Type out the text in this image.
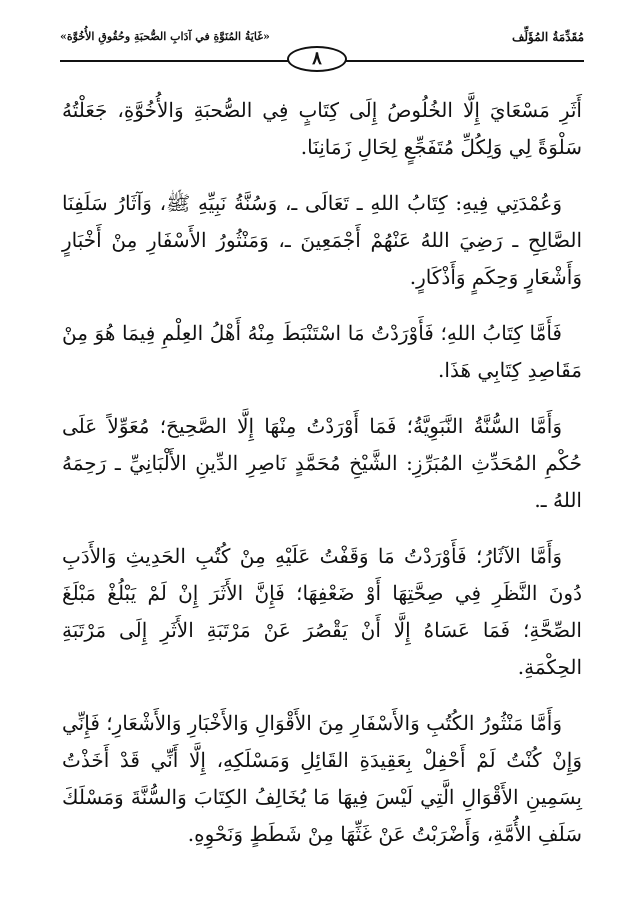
مُقَدِّمَةُ المُؤَلِّف
«غَايَةُ المُنَوَّةِ في آدَابِ الصُّحبَةِ وحُقُوقِ الأُخُوَّة»
٨

أَثَرِ مَسْعَايَ إِلَّا الخُلُوصُ إِلَى كِتَابٍ فِي الصُّحبَةِ وَالأُخُوَّةِ، جَعَلْتُهُ سَلْوَةً لِي وَلِكُلِّ مُتَفَجِّعٍ لِحَالِ زَمَانِنَا.

وَعُمْدَتِي فِيهِ: كِتَابُ اللهِ ـ تَعَالَى ـ، وَسُنَّةُ نَبِيِّهِ ﷺ، وَآثَارُ سَلَفِنَا الصَّالِحِ ـ رَضِيَ اللهُ عَنْهُمْ أَجْمَعِينَ ـ، وَمَنْثُورُ الأَسْفَارِ مِنْ أَخْبَارٍ وَأَشْعَارٍ وَحِكَمٍ وَأَذْكَارٍ.

فَأَمَّا كِتَابُ اللهِ؛ فَأَوْرَدْتُ مَا اسْتَنْبَطَ مِنْهُ أَهْلُ العِلْمِ فِيمَا هُوَ مِنْ مَقَاصِدِ كِتَابِي هَذَا.

وَأَمَّا السُّنَّةُ النَّبَوِيَّةُ؛ فَمَا أَوْرَدْتُ مِنْهَا إِلَّا الصَّحِيحَ؛ مُعَوِّلاً عَلَى حُكْمِ المُحَدِّثِ المُبَرِّزِ: الشَّيْخِ مُحَمَّدٍ نَاصِرِ الدِّينِ الأَلْبَانِيِّ ـ رَحِمَهُ اللهُ ـ.

وَأَمَّا الآثَارُ؛ فَأَوْرَدْتُ مَا وَقَفْتُ عَلَيْهِ مِنْ كُتُبِ الحَدِيثِ وَالأَدَبِ دُونَ النَّظَرِ فِي صِحَّتِهَا أَوْ ضَعْفِهَا؛ فَإِنَّ الأَثَرَ إِنْ لَمْ يَبْلُغْ مَبْلَغَ الصِّحَّةِ؛ فَمَا عَسَاهُ إِلَّا أَنْ يَقْصُرَ عَنْ مَرْتَبَةِ الأَثَرِ إِلَى مَرْتَبَةِ الحِكْمَةِ.

وَأَمَّا مَنْثُورُ الكُتُبِ وَالأَسْفَارِ مِنَ الأَقْوَالِ وَالأَخْبَارِ وَالأَشْعَارِ؛ فَإِنِّي وَإِنْ كُنْتُ لَمْ أَحْفِلْ بِعَقِيدَةِ القَائِلِ وَمَسْلَكِهِ، إِلَّا أَنِّي قَدْ أَخَذْتُ بِسَمِينِ الأَقْوَالِ الَّتِي لَيْسَ فِيهَا مَا يُخَالِفُ الكِتَابَ وَالسُّنَّةَ وَمَسْلَكَ سَلَفِ الأُمَّةِ، وَأَضْرَبْتُ عَنْ غَثِّهَا مِنْ شَطَطٍ وَنَحْوِهِ.
